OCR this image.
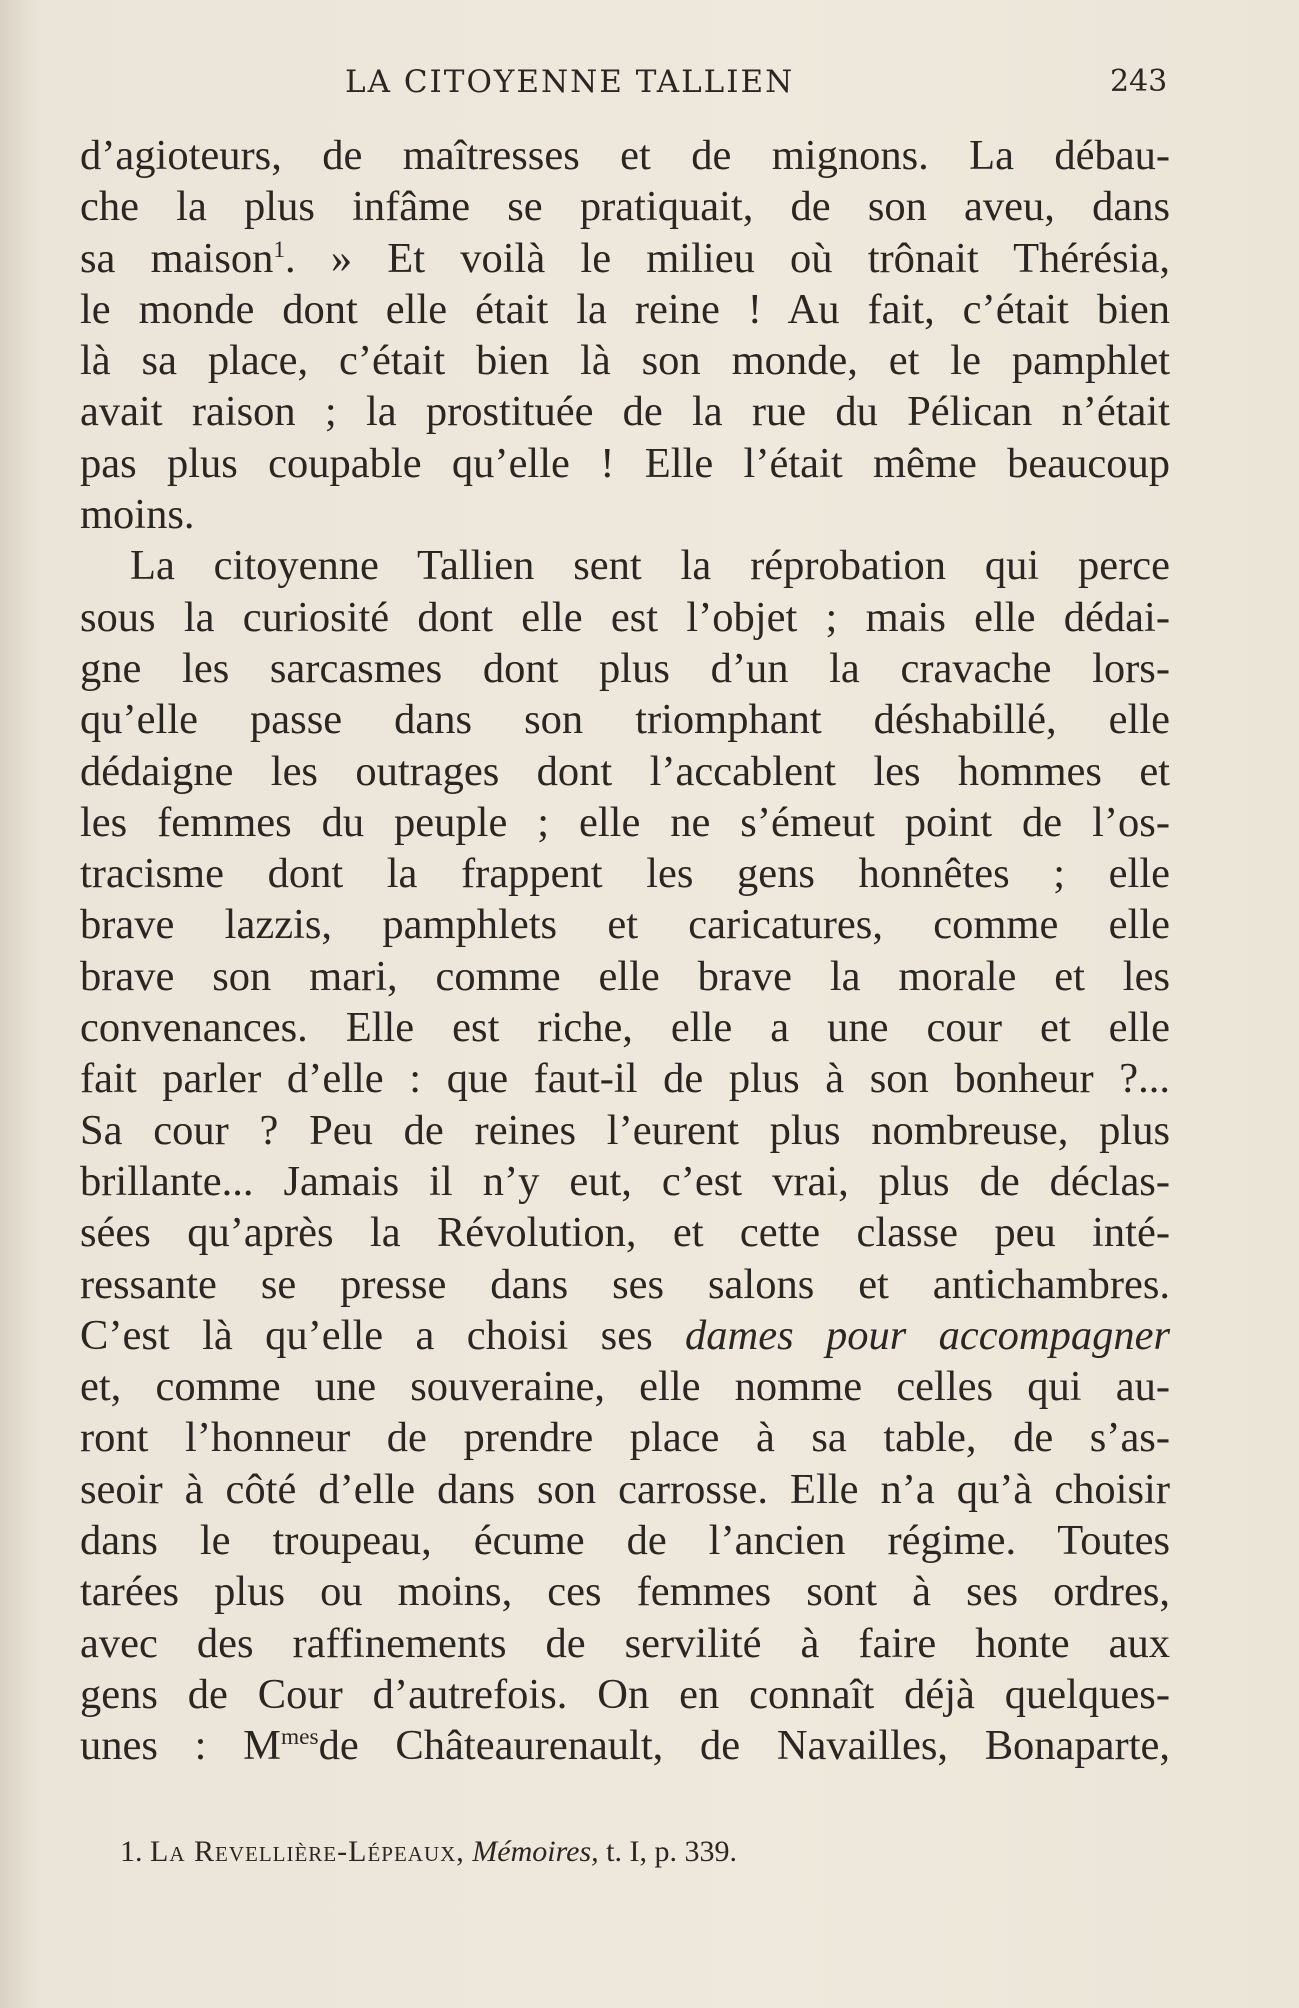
LA CITOYENNE TALLIEN	243
d’agioteurs, de maîtresses et de mignons. La débau-
che la plus infâme se pratiquait, de son aveu, dans
sa maison$^1$. » Et voilà le milieu où trônait Thérésia,
le monde dont elle était la reine ! Au fait, c’était bien
là sa place, c’était bien là son monde, et le pamphlet
avait raison ; la prostituée de la rue du Pélican n’était
pas plus coupable qu’elle ! Elle l’était même beaucoup
moins.
La citoyenne Tallien sent la réprobation qui perce
sous la curiosité dont elle est l’objet ; mais elle dédai-
gne les sarcasmes dont plus d’un la cravache lors-
qu’elle passe dans son triomphant déshabillé, elle
dédaigne les outrages dont l’accablent les hommes et
les femmes du peuple ; elle ne s’émeut point de l’os-
tracisme dont la frappent les gens honnêtes ; elle
brave lazzis, pamphlets et caricatures, comme elle
brave son mari, comme elle brave la morale et les
convenances. Elle est riche, elle a une cour et elle
fait parler d’elle : que faut-il de plus à son bonheur ?...
Sa cour ? Peu de reines l’eurent plus nombreuse, plus
brillante... Jamais il n’y eut, c’est vrai, plus de déclas-
sées qu’après la Révolution, et cette classe peu inté-
ressante se presse dans ses salons et antichambres.
C’est là qu’elle a choisi ses dames pour accompagner
et, comme une souveraine, elle nomme celles qui au-
ront l’honneur de prendre place à sa table, de s’as-
seoir à côté d’elle dans son carrosse. Elle n’a qu’à choisir
dans le troupeau, écume de l’ancien régime. Toutes
tarées plus ou moins, ces femmes sont à ses ordres,
avec des raffinements de servilité à faire honte aux
gens de Cour d’autrefois. On en connaît déjà quelques-
unes : $M^{mes}de$ Châteaurenault, de Navailles, Bonaparte,
1. La Revellière-Lépeaux, Mémoires, t. I, p. 339.
